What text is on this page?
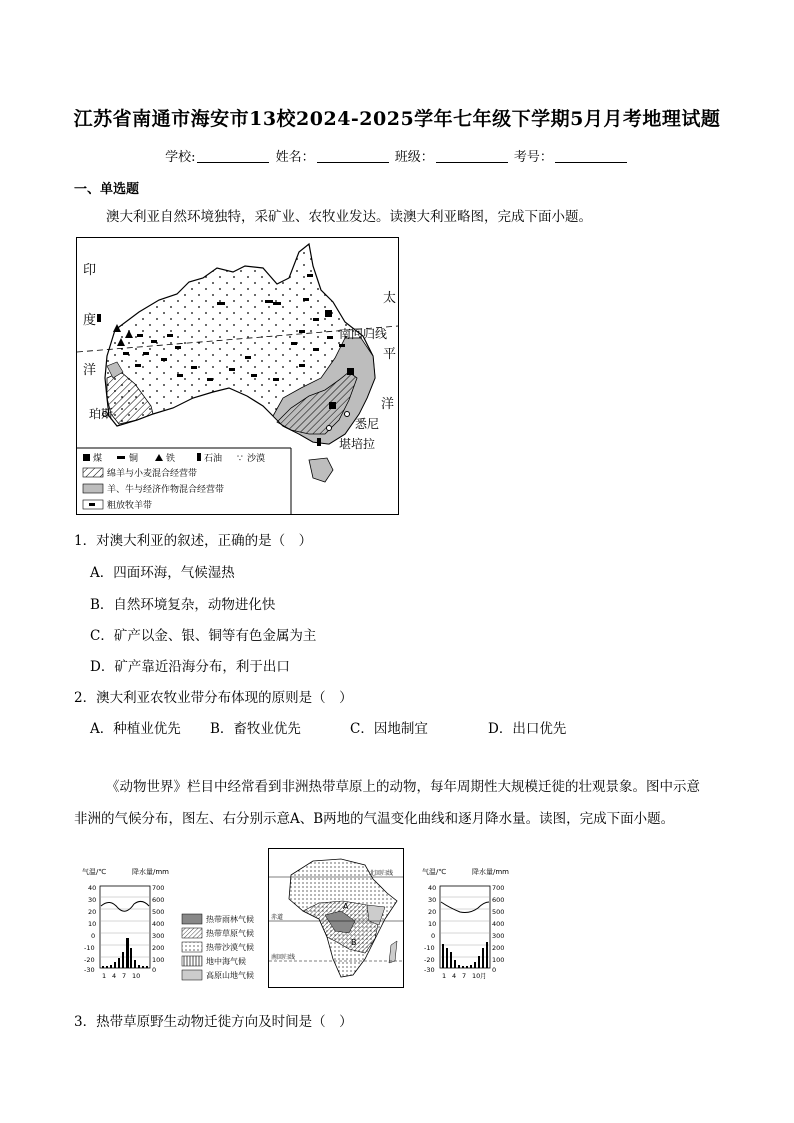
江苏省南通市海安市13校2024-2025学年七年级下学期5月月考地理试题
学校:	姓名：	班级：	考号：
一、单选题
澳大利亚自然环境独特，采矿业、农牧业发达。读澳大利亚略图，完成下面小题。
印
度
洋
珀斯
太
平
洋
南回归线
悉尼
堪培拉
煤	铜	铁	石油 ∵ 沙漠
绵羊与小麦混合经营带
羊、牛与经济作物混合经营带
粗放牧羊带
1．对澳大利亚的叙述，正确的是（　）
A．四面环海，气候湿热
B．自然环境复杂，动物进化快
C．矿产以金、银、铜等有色金属为主
D．矿产靠近沿海分布，利于出口
2．澳大利亚农牧业带分布体现的原则是（　）
A．种植业优先 B．畜牧业优先	C．因地制宜	D．出口优先
《动物世界》栏目中经常看到非洲热带草原上的动物，每年周期性大规模迁徙的壮观景象。图中示意
非洲的气候分布，图左、右分别示意A、B两地的气温变化曲线和逐月降水量。读图，完成下面小题。
气温/℃	降水量/mm
40
30
20
10
0
-10
-20
-30
700
600
500
400
300
200
100
0
1 4 7 10
热带雨林气候
热带草原气候
热带沙漠气候
地中海气候
高原山地气候
北回归线
赤道
南回归线
A
B
气温/℃	降水量/mm
40
30
20
10
0
-10
-20
-30
700
600
500
400
300
200
100
0
1 4 7 10 月
3．热带草原野生动物迁徙方向及时间是（　）
